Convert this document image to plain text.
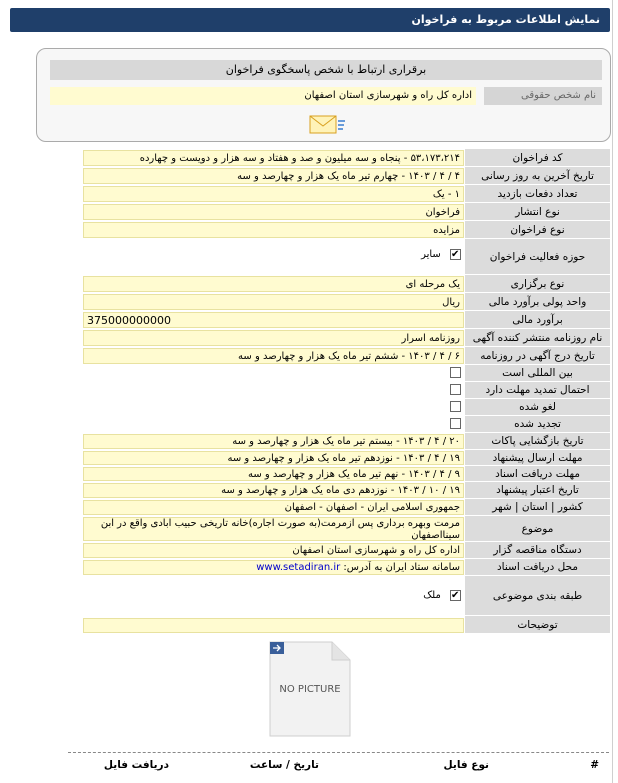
نمایش اطلاعات مربوط به فراخوان
برقراری ارتباط با شخص پاسخگوی فراخوان
نام شخص حقوقی
اداره کل راه و شهرسازی استان اصفهان
کد فراخوان
۵۳،۱۷۳،۲۱۴ - پنجاه و سه میلیون و صد و هفتاد و سه هزار و دویست و چهارده
تاریخ آخرین به روز رسانی
۴ / ۴ / ۱۴۰۳ - چهارم تیر ماه یک هزار و چهارصد و سه
تعداد دفعات بازدید
۱ - یک
نوع انتشار
فراخوان
نوع فراخوان
مزایده
حوزه فعالیت فراخوان
✔ سایر
نوع برگزاری
یک مرحله ای
واحد پولی برآورد مالی
ریال
برآورد مالی
375000000000
نام روزنامه منتشر کننده آگهی
روزنامه اسرار
تاریخ درج آگهی در روزنامه
۶ / ۴ / ۱۴۰۳ - ششم تیر ماه یک هزار و چهارصد و سه
بین المللی است
احتمال تمدید مهلت دارد
لغو شده
تجدید شده
تاریخ بازگشایی پاکات
۲۰ / ۴ / ۱۴۰۳ - بیستم تیر ماه یک هزار و چهارصد و سه
مهلت ارسال پیشنهاد
۱۹ / ۴ / ۱۴۰۳ - نوزدهم تیر ماه یک هزار و چهارصد و سه
مهلت دریافت اسناد
۹ / ۴ / ۱۴۰۳ - نهم تیر ماه یک هزار و چهارصد و سه
تاریخ اعتبار پیشنهاد
۱۹ / ۱۰ / ۱۴۰۳ - نوزدهم دی ماه یک هزار و چهارصد و سه
کشور | استان | شهر
جمهوری اسلامی ایران - اصفهان - اصفهان
موضوع
مرمت وبهره برداری پس ازمرمت(به صورت اجاره)خانه تاریخی حبیب آبادی واقع در ابن سینااصفهان
دستگاه مناقصه گزار
اداره کل راه و شهرسازی استان اصفهان
محل دریافت اسناد
سامانه ستاد ایران به آدرس: www.setadiran.ir
طبقه بندی موضوعی
✔ ملک
توضیحات
NO PICTURE
#
نوع فایل
تاریخ / ساعت
دریافت فایل
